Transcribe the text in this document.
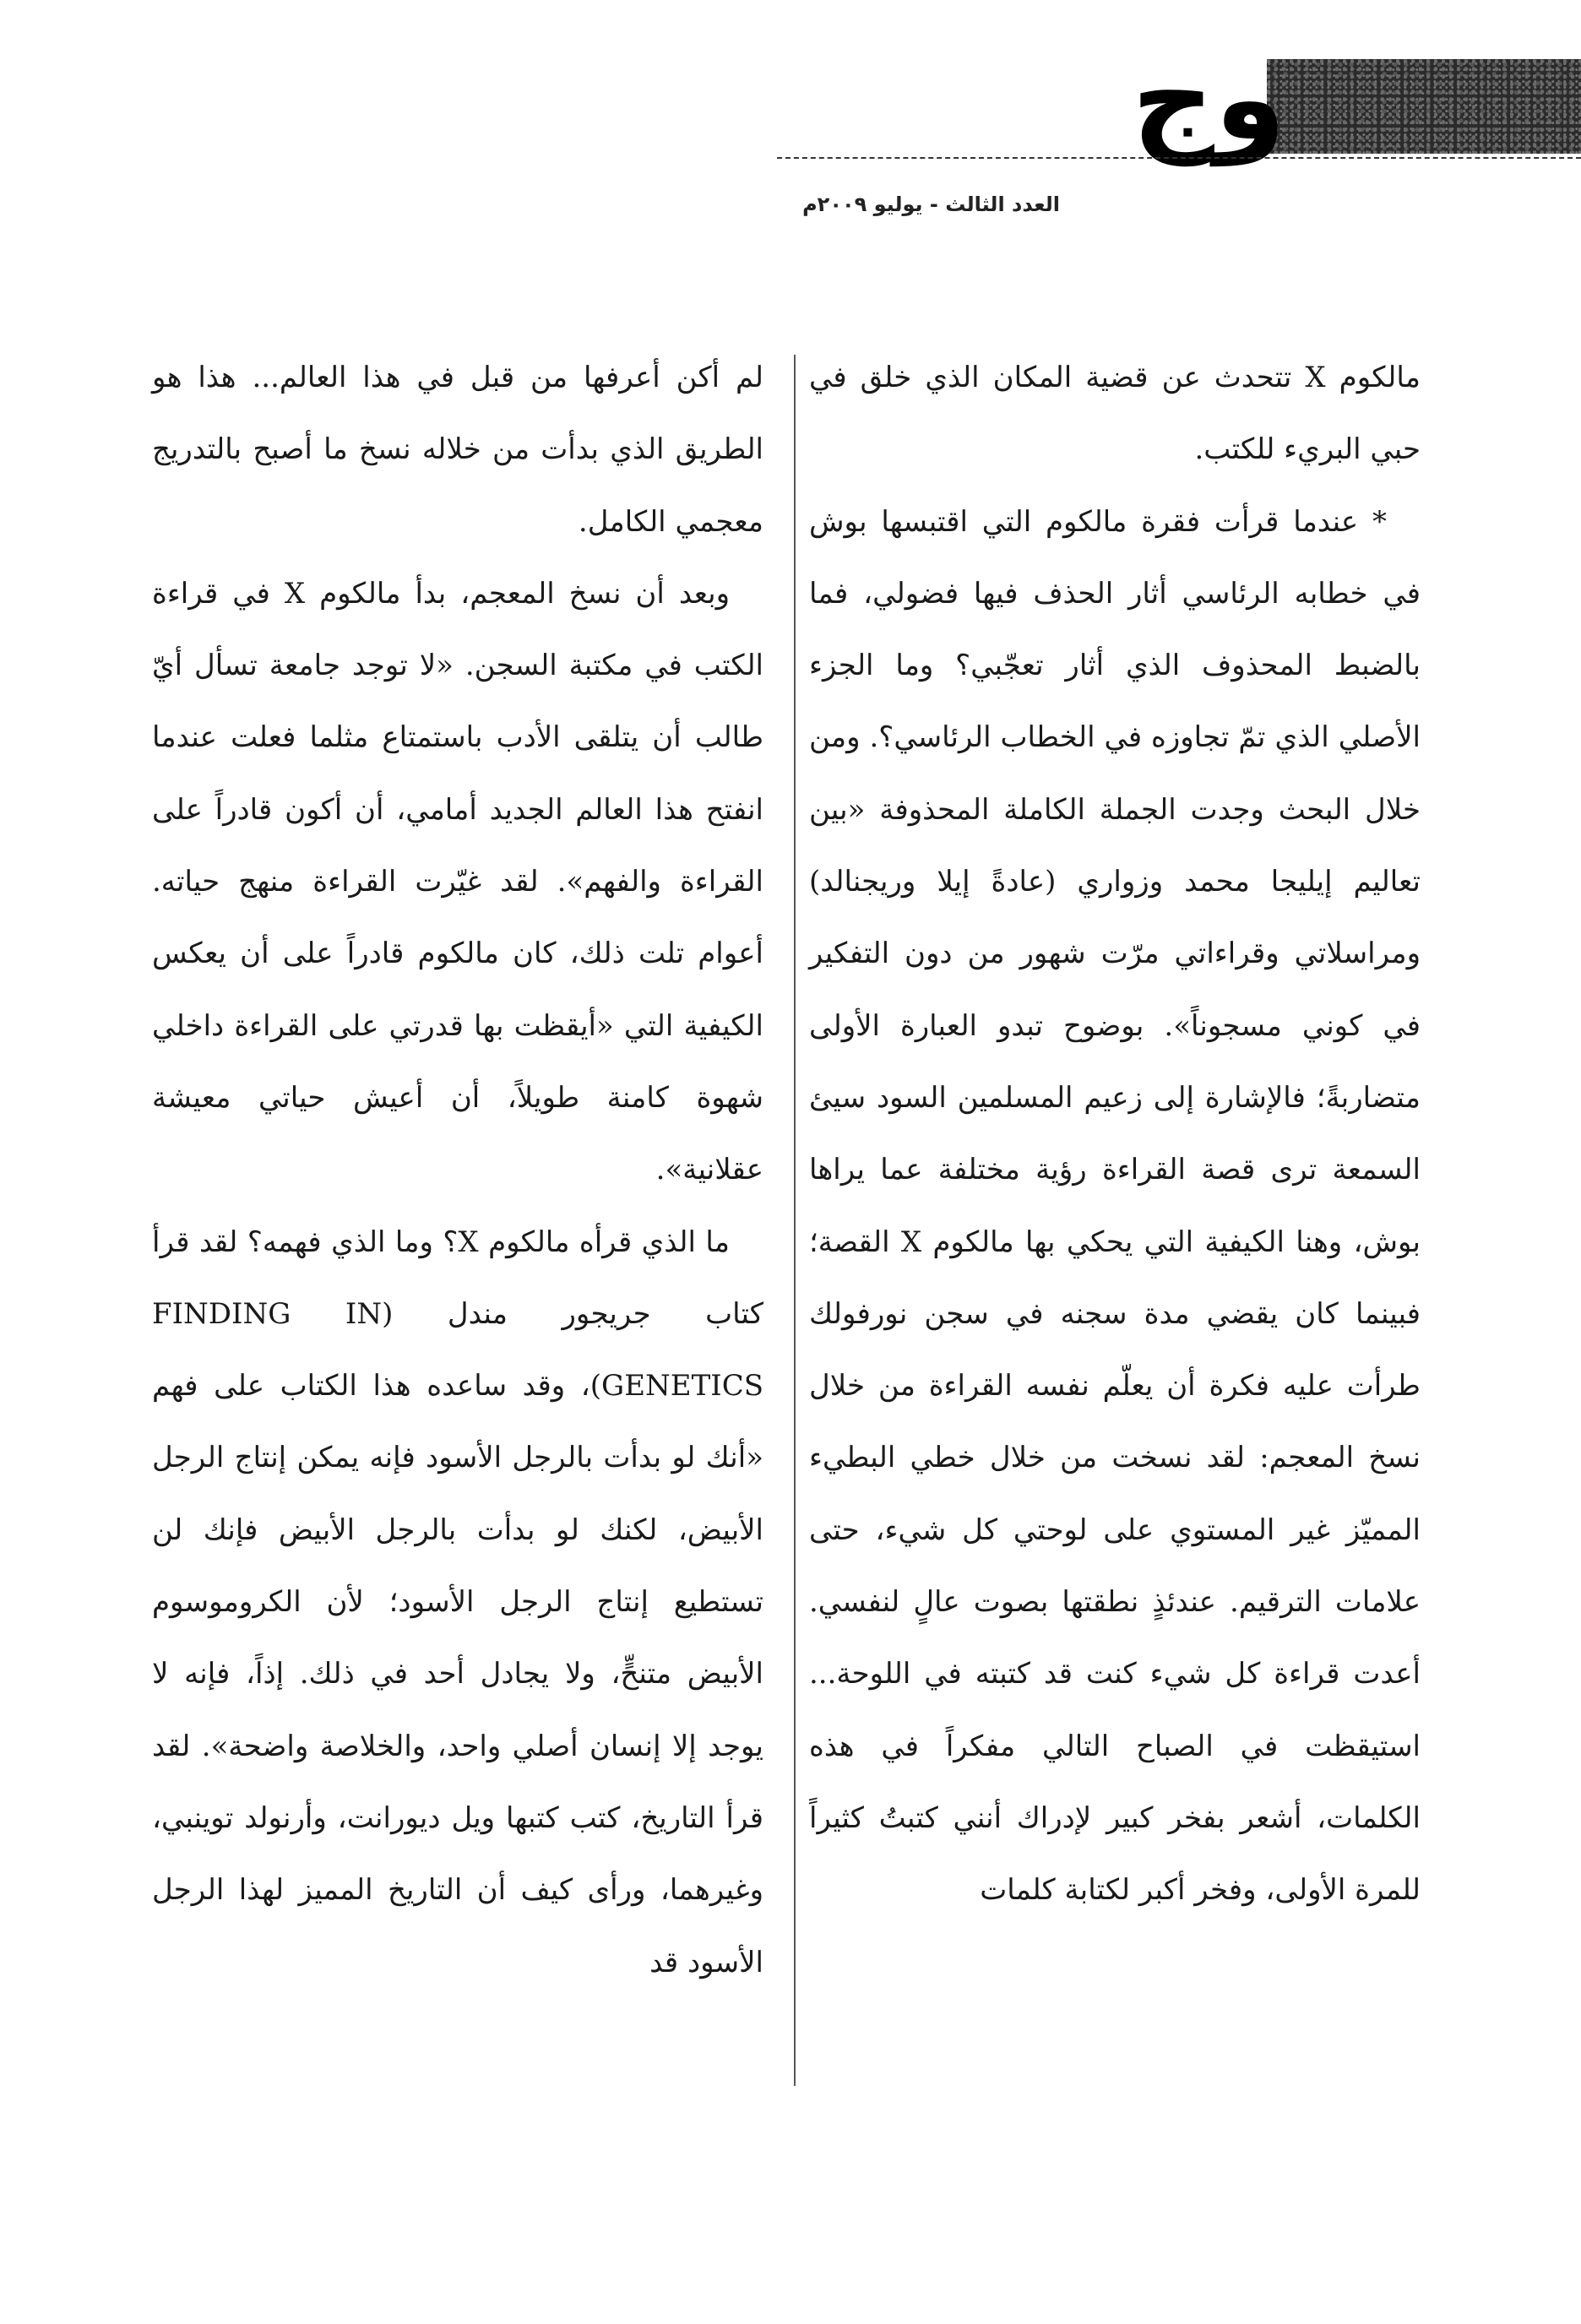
وج
العدد الثالث - يوليو ٢٠٠٩م

مالكوم X تتحدث عن قضية المكان الذي خلق في حبي البريء للكتب.

* عندما قرأت فقرة مالكوم التي اقتبسها بوش في خطابه الرئاسي أثار الحذف فيها فضولي، فما بالضبط المحذوف الذي أثار تعجّبي؟ وما الجزء الأصلي الذي تمّ تجاوزه في الخطاب الرئاسي؟. ومن خلال البحث وجدت الجملة الكاملة المحذوفة «بين تعاليم إيليجا محمد وزواري (عادةً إيلا وريجنالد) ومراسلاتي وقراءاتي مرّت شهور من دون التفكير في كوني مسجوناً». بوضوح تبدو العبارة الأولى متضاربةً؛ فالإشارة إلى زعيم المسلمين السود سيئ السمعة ترى قصة القراءة رؤية مختلفة عما يراها بوش، وهنا الكيفية التي يحكي بها مالكوم X القصة؛ فبينما كان يقضي مدة سجنه في سجن نورفولك طرأت عليه فكرة أن يعلّم نفسه القراءة من خلال نسخ المعجم: لقد نسخت من خلال خطي البطيء المميّز غير المستوي على لوحتي كل شيء، حتى علامات الترقيم. عندئذٍ نطقتها بصوت عالٍ لنفسي. أعدت قراءة كل شيء كنت قد كتبته في اللوحة... استيقظت في الصباح التالي مفكراً في هذه الكلمات، أشعر بفخر كبير لإدراك أنني كتبتُ كثيراً للمرة الأولى، وفخر أكبر لكتابة كلمات

لم أكن أعرفها من قبل في هذا العالم... هذا هو الطريق الذي بدأت من خلاله نسخ ما أصبح بالتدريج معجمي الكامل.

وبعد أن نسخ المعجم، بدأ مالكوم X في قراءة الكتب في مكتبة السجن. «لا توجد جامعة تسأل أيّ طالب أن يتلقى الأدب باستمتاع مثلما فعلت عندما انفتح هذا العالم الجديد أمامي، أن أكون قادراً على القراءة والفهم». لقد غيّرت القراءة منهج حياته. أعوام تلت ذلك، كان مالكوم قادراً على أن يعكس الكيفية التي «أيقظت بها قدرتي على القراءة داخلي شهوة كامنة طويلاً، أن أعيش حياتي معيشة عقلانية».

ما الذي قرأه مالكوم X؟ وما الذي فهمه؟ لقد قرأ كتاب جريجور مندل (FINDING IN GENETICS)، وقد ساعده هذا الكتاب على فهم «أنك لو بدأت بالرجل الأسود فإنه يمكن إنتاج الرجل الأبيض، لكنك لو بدأت بالرجل الأبيض فإنك لن تستطيع إنتاج الرجل الأسود؛ لأن الكروموسوم الأبيض متنحٍّ، ولا يجادل أحد في ذلك. إذاً، فإنه لا يوجد إلا إنسان أصلي واحد، والخلاصة واضحة». لقد قرأ التاريخ، كتب كتبها ويل ديورانت، وأرنولد توينبي، وغيرهما، ورأى كيف أن التاريخ المميز لهذا الرجل الأسود قد
